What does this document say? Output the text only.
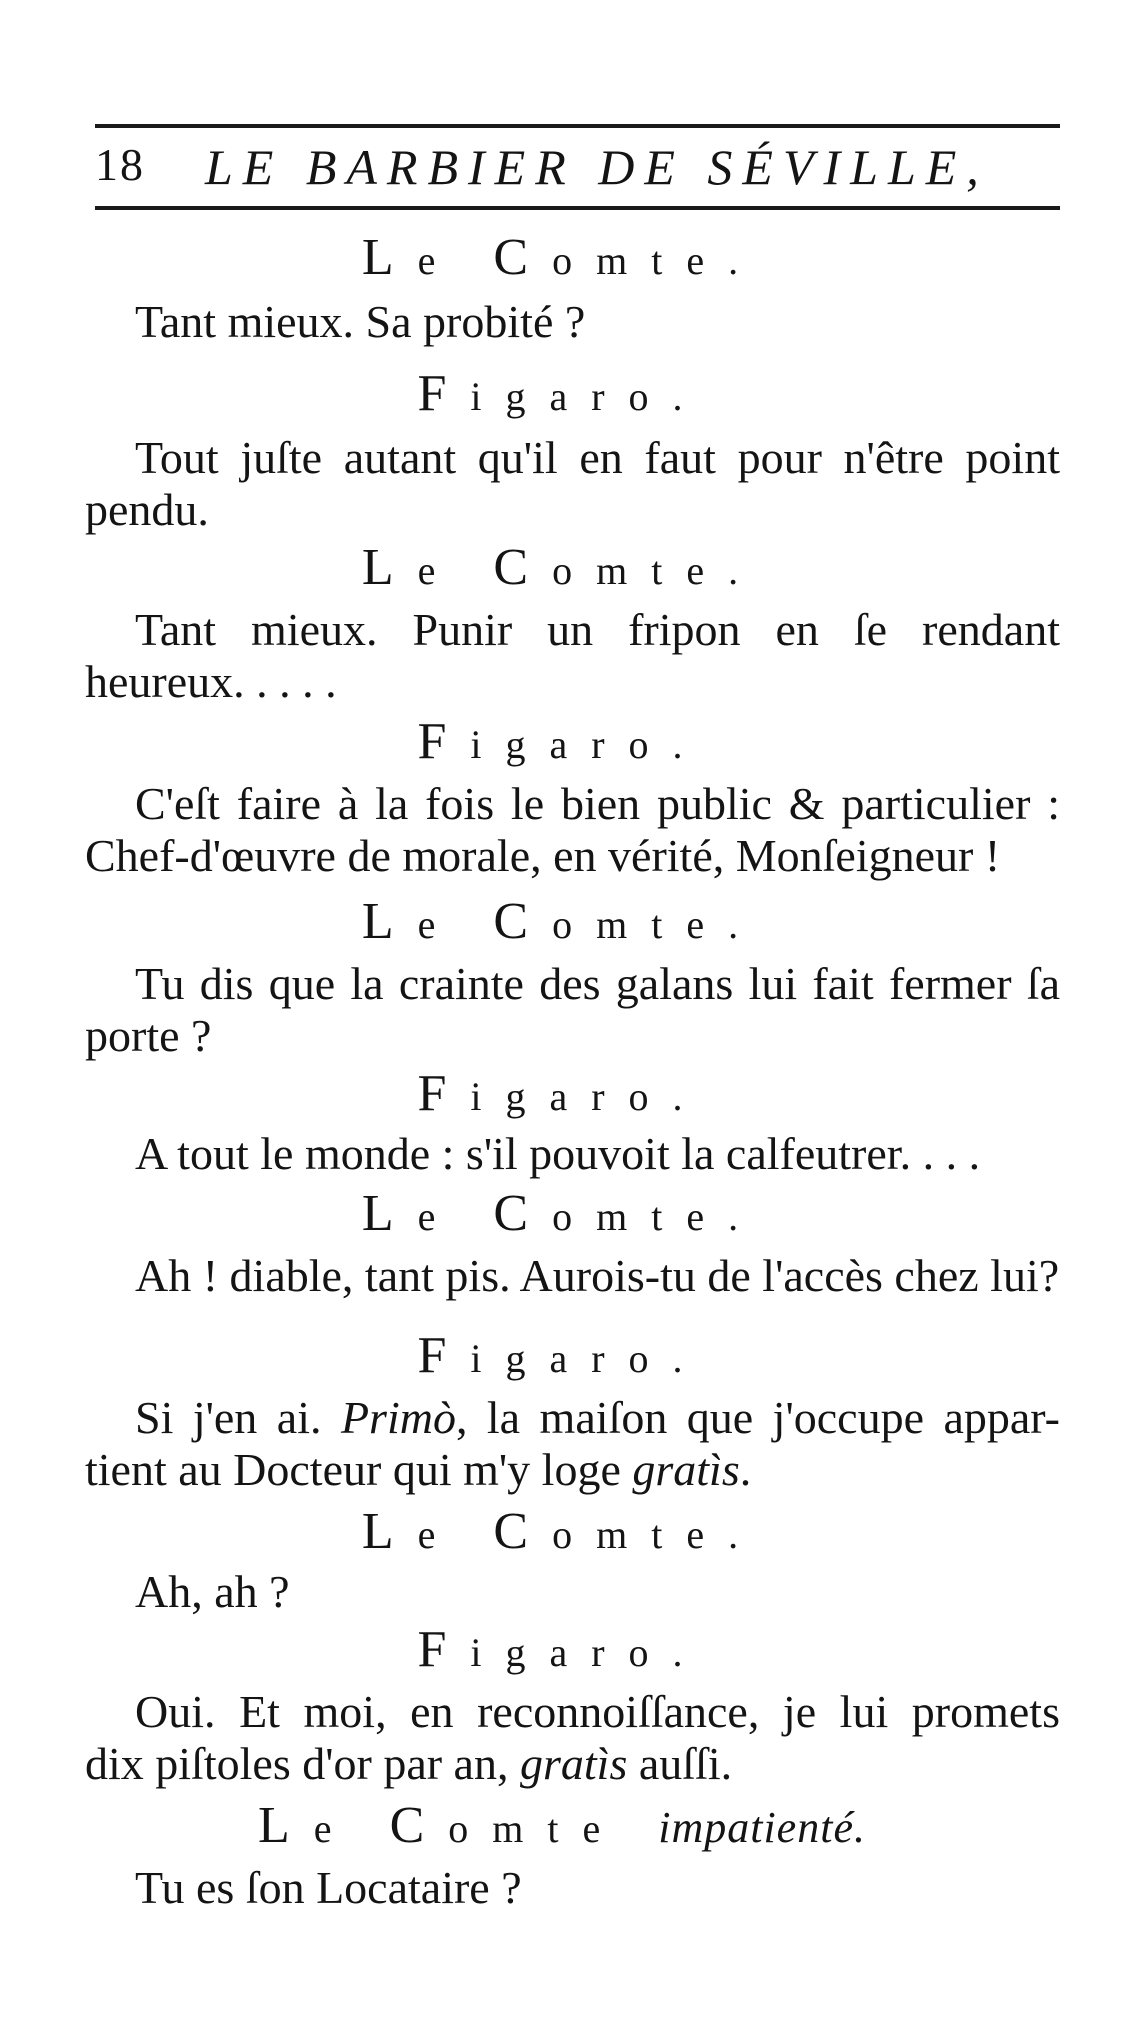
18 LE BARBIER DE SÉVILLE,
Le Comte.
Tant mieux. Sa probité ?
Figaro.
Tout juſte autant qu'il en faut pour n'être point
pendu.
Le Comte.
Tant mieux. Punir un fripon en ſe rendant
heureux. . . . .
Figaro.
C'eſt faire à la fois le bien public & particulier :
Chef-d'œuvre de morale, en vérité, Monſeigneur !
Le Comte.
Tu dis que la crainte des galans lui fait fermer ſa
porte ?
Figaro.
A tout le monde : s'il pouvoit la calfeutrer. . . .
Le Comte.
Ah ! diable, tant pis. Aurois-tu de l'accès chez lui?
Figaro.
Si j'en ai. Primò, la maiſon que j'occupe appar-
tient au Docteur qui m'y loge gratìs.
Le Comte.
Ah, ah ?
Figaro.
Oui. Et moi, en reconnoiſſance, je lui promets
dix piſtoles d'or par an, gratìs auſſi.
Le Comte impatienté.
Tu es ſon Locataire ?
